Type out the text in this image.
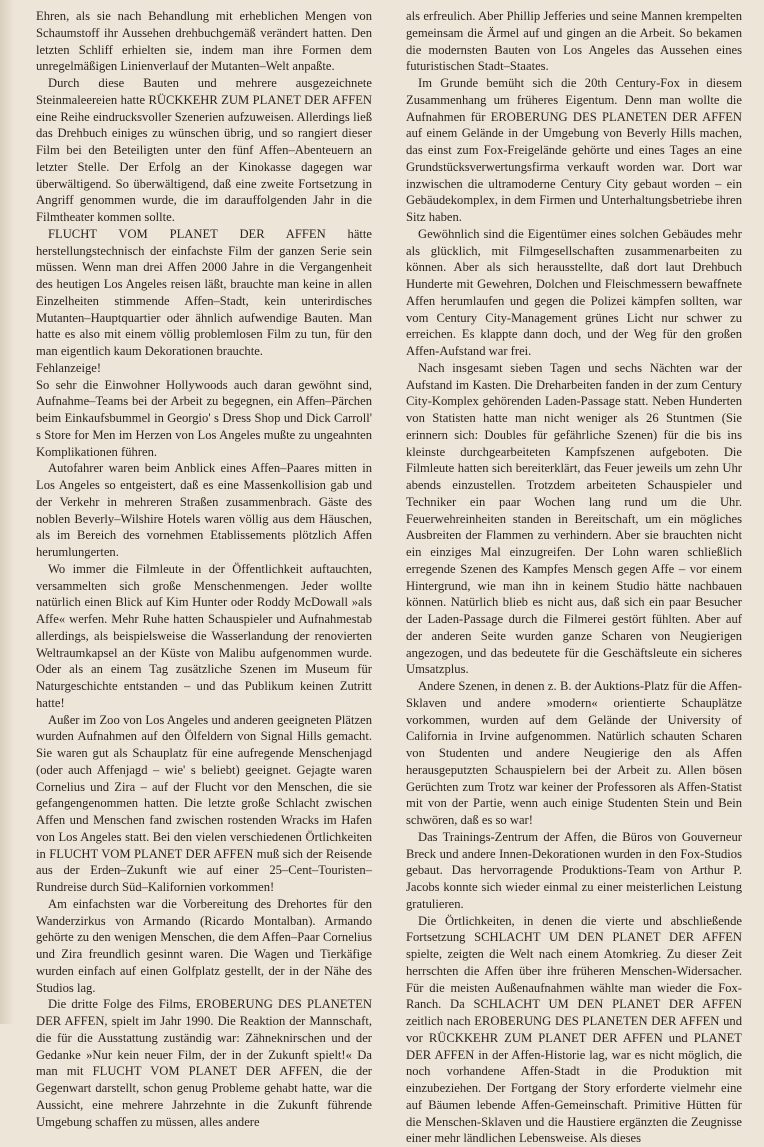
Ehren, als sie nach Behandlung mit erheblichen Mengen von Schaumstoff ihr Aussehen drehbuchgemäß verändert hatten. Den letzten Schliff erhielten sie, indem man ihre Formen dem unregelmäßigen Linienverlauf der Mutanten–Welt anpaßte.

Durch diese Bauten und mehrere ausgezeichnete Steinmaleereien hatte RÜCKKEHR ZUM PLANET DER AFFEN eine Reihe eindrucksvoller Szenerien aufzuweisen. Allerdings ließ das Drehbuch einiges zu wünschen übrig, und so rangiert dieser Film bei den Beteiligten unter den fünf Affen–Abenteuern an letzter Stelle. Der Erfolg an der Kinokasse dagegen war überwältigend. So überwältigend, daß eine zweite Fortsetzung in Angriff genommen wurde, die im darauffolgenden Jahr in die Filmtheater kommen sollte.

FLUCHT VOM PLANET DER AFFEN hätte herstellungstechnisch der einfachste Film der ganzen Serie sein müssen. Wenn man drei Affen 2000 Jahre in die Vergangenheit des heutigen Los Angeles reisen läßt, brauchte man keine in allen Einzelheiten stimmende Affen–Stadt, kein unterirdisches Mutanten–Hauptquartier oder ähnlich aufwendige Bauten. Man hatte es also mit einem völlig problemlosen Film zu tun, für den man eigentlich kaum Dekorationen brauchte.

Fehlanzeige!

So sehr die Einwohner Hollywoods auch daran gewöhnt sind, Aufnahme–Teams bei der Arbeit zu begegnen, ein Affen–Pärchen beim Einkaufsbummel in Georgio' s Dress Shop und Dick Carroll' s Store for Men im Herzen von Los Angeles mußte zu ungeahnten Komplikationen führen.

Autofahrer waren beim Anblick eines Affen–Paares mitten in Los Angeles so entgeistert, daß es eine Massenkollision gab und der Verkehr in mehreren Straßen zusammenbrach. Gäste des noblen Beverly–Wilshire Hotels waren völlig aus dem Häuschen, als im Bereich des vornehmen Etablissements plötzlich Affen herumlungerten.

Wo immer die Filmleute in der Öffentlichkeit auftauchten, versammelten sich große Menschenmengen. Jeder wollte natürlich einen Blick auf Kim Hunter oder Roddy McDowall »als Affe« werfen. Mehr Ruhe hatten Schauspieler und Aufnahmestab allerdings, als beispielsweise die Wasserlandung der renovierten Weltraumkapsel an der Küste von Malibu aufgenommen wurde. Oder als an einem Tag zusätzliche Szenen im Museum für Naturgeschichte entstanden – und das Publikum keinen Zutritt hatte!

Außer im Zoo von Los Angeles und anderen geeigneten Plätzen wurden Aufnahmen auf den Ölfeldern von Signal Hills gemacht. Sie waren gut als Schauplatz für eine aufregende Menschenjagd (oder auch Affenjagd – wie' s beliebt) geeignet. Gejagte waren Cornelius und Zira – auf der Flucht vor den Menschen, die sie gefangengenommen hatten. Die letzte große Schlacht zwischen Affen und Menschen fand zwischen rostenden Wracks im Hafen von Los Angeles statt. Bei den vielen verschiedenen Örtlichkeiten in FLUCHT VOM PLANET DER AFFEN muß sich der Reisende aus der Erden–Zukunft wie auf einer 25–Cent–Touristen–Rundreise durch Süd–Kalifornien vorkommen!

Am einfachsten war die Vorbereitung des Drehortes für den Wanderzirkus von Armando (Ricardo Montalban). Armando gehörte zu den wenigen Menschen, die dem Affen–Paar Cornelius und Zira freundlich gesinnt waren. Die Wagen und Tierkäfige wurden einfach auf einen Golfplatz gestellt, der in der Nähe des Studios lag.

Die dritte Folge des Films, EROBERUNG DES PLANETEN DER AFFEN, spielt im Jahr 1990. Die Reaktion der Mannschaft, die für die Ausstattung zuständig war: Zähneknirschen und der Gedanke »Nur kein neuer Film, der in der Zukunft spielt!« Da man mit FLUCHT VOM PLANET DER AFFEN, die der Gegenwart darstellt, schon genug Probleme gehabt hatte, war die Aussicht, eine mehrere Jahrzehnte in die Zukunft führende Umgebung schaffen zu müssen, alles andere

als erfreulich. Aber Phillip Jefferies und seine Mannen krempelten gemeinsam die Ärmel auf und gingen an die Arbeit. So bekamen die modernsten Bauten von Los Angeles das Aussehen eines futuristischen Stadt–Staates.

Im Grunde bemüht sich die 20th Century-Fox in diesem Zusammenhang um früheres Eigentum. Denn man wollte die Aufnahmen für EROBERUNG DES PLANETEN DER AFFEN auf einem Gelände in der Umgebung von Beverly Hills machen, das einst zum Fox-Freigelände gehörte und eines Tages an eine Grundstücksverwertungsfirma verkauft worden war. Dort war inzwischen die ultramoderne Century City gebaut worden – ein Gebäudekomplex, in dem Firmen und Unterhaltungsbetriebe ihren Sitz haben.

Gewöhnlich sind die Eigentümer eines solchen Gebäudes mehr als glücklich, mit Filmgesellschaften zusammenarbeiten zu können. Aber als sich herausstellte, daß dort laut Drehbuch Hunderte mit Gewehren, Dolchen und Fleischmessern bewaffnete Affen herumlaufen und gegen die Polizei kämpfen sollten, war vom Century City-Management grünes Licht nur schwer zu erreichen. Es klappte dann doch, und der Weg für den großen Affen-Aufstand war frei.

Nach insgesamt sieben Tagen und sechs Nächten war der Aufstand im Kasten. Die Dreharbeiten fanden in der zum Century City-Komplex gehörenden Laden-Passage statt. Neben Hunderten von Statisten hatte man nicht weniger als 26 Stuntmen (Sie erinnern sich: Doubles für gefährliche Szenen) für die bis ins kleinste durchgearbeiteten Kampfszenen aufgeboten. Die Filmleute hatten sich bereiterklärt, das Feuer jeweils um zehn Uhr abends einzustellen. Trotzdem arbeiteten Schauspieler und Techniker ein paar Wochen lang rund um die Uhr. Feuerwehreinheiten standen in Bereitschaft, um ein mögliches Ausbreiten der Flammen zu verhindern. Aber sie brauchten nicht ein einziges Mal einzugreifen. Der Lohn waren schließlich erregende Szenen des Kampfes Mensch gegen Affe – vor einem Hintergrund, wie man ihn in keinem Studio hätte nachbauen können. Natürlich blieb es nicht aus, daß sich ein paar Besucher der Laden-Passage durch die Filmerei gestört fühlten. Aber auf der anderen Seite wurden ganze Scharen von Neugierigen angezogen, und das bedeutete für die Geschäftsleute ein sicheres Umsatzplus.

Andere Szenen, in denen z. B. der Auktions-Platz für die Affen-Sklaven und andere »modern« orientierte Schauplätze vorkommen, wurden auf dem Gelände der University of California in Irvine aufgenommen. Natürlich schauten Scharen von Studenten und andere Neugierige den als Affen herausgeputzten Schauspielern bei der Arbeit zu. Allen bösen Gerüchten zum Trotz war keiner der Professoren als Affen-Statist mit von der Partie, wenn auch einige Studenten Stein und Bein schwören, daß es so war!

Das Trainings-Zentrum der Affen, die Büros von Gouverneur Breck und andere Innen-Dekorationen wurden in den Fox-Studios gebaut. Das hervorragende Produktions-Team von Arthur P. Jacobs konnte sich wieder einmal zu einer meisterlichen Leistung gratulieren.

Die Örtlichkeiten, in denen die vierte und abschließende Fortsetzung SCHLACHT UM DEN PLANET DER AFFEN spielte, zeigten die Welt nach einem Atomkrieg. Zu dieser Zeit herrschten die Affen über ihre früheren Menschen-Widersacher. Für die meisten Außenaufnahmen wählte man wieder die Fox-Ranch. Da SCHLACHT UM DEN PLANET DER AFFEN zeitlich nach EROBERUNG DES PLANETEN DER AFFEN und vor RÜCKKEHR ZUM PLANET DER AFFEN und PLANET DER AFFEN in der Affen-Historie lag, war es nicht möglich, die noch vorhandene Affen-Stadt in die Produktion mit einzubeziehen. Der Fortgang der Story erforderte vielmehr eine auf Bäumen lebende Affen-Gemeinschaft. Primitive Hütten für die Menschen-Sklaven und die Haustiere ergänzten die Zeugnisse einer mehr ländlichen Lebensweise. Als dieses
